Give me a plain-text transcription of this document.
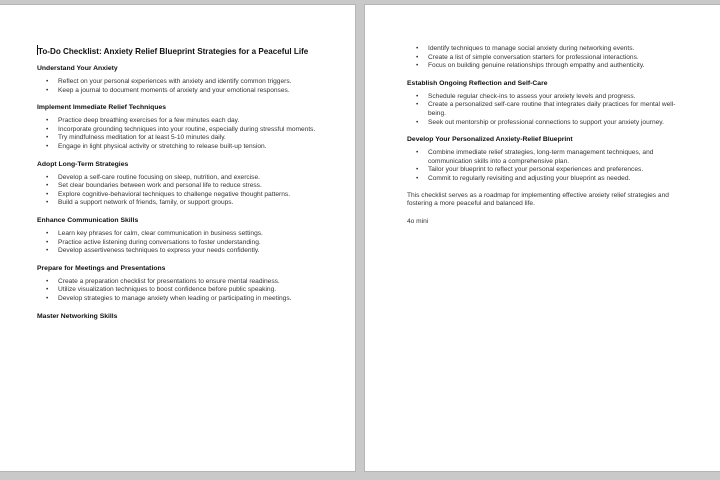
To-Do Checklist: Anxiety Relief Blueprint Strategies for a Peaceful Life
Understand Your Anxiety
• Reflect on your personal experiences with anxiety and identify common triggers.
• Keep a journal to document moments of anxiety and your emotional responses.
Implement Immediate Relief Techniques
• Practice deep breathing exercises for a few minutes each day.
• Incorporate grounding techniques into your routine, especially during stressful moments.
• Try mindfulness meditation for at least 5-10 minutes daily.
• Engage in light physical activity or stretching to release built-up tension.
Adopt Long-Term Strategies
• Develop a self-care routine focusing on sleep, nutrition, and exercise.
• Set clear boundaries between work and personal life to reduce stress.
• Explore cognitive-behavioral techniques to challenge negative thought patterns.
• Build a support network of friends, family, or support groups.
Enhance Communication Skills
• Learn key phrases for calm, clear communication in business settings.
• Practice active listening during conversations to foster understanding.
• Develop assertiveness techniques to express your needs confidently.
Prepare for Meetings and Presentations
• Create a preparation checklist for presentations to ensure mental readiness.
• Utilize visualization techniques to boost confidence before public speaking.
• Develop strategies to manage anxiety when leading or participating in meetings.
Master Networking Skills
• Identify techniques to manage social anxiety during networking events.
• Create a list of simple conversation starters for professional interactions.
• Focus on building genuine relationships through empathy and authenticity.
Establish Ongoing Reflection and Self-Care
• Schedule regular check-ins to assess your anxiety levels and progress.
• Create a personalized self-care routine that integrates daily practices for mental well-being.
• Seek out mentorship or professional connections to support your anxiety journey.
Develop Your Personalized Anxiety-Relief Blueprint
• Combine immediate relief strategies, long-term management techniques, and communication skills into a comprehensive plan.
• Tailor your blueprint to reflect your personal experiences and preferences.
• Commit to regularly revisiting and adjusting your blueprint as needed.

This checklist serves as a roadmap for implementing effective anxiety relief strategies and fostering a more peaceful and balanced life.

4o mini
